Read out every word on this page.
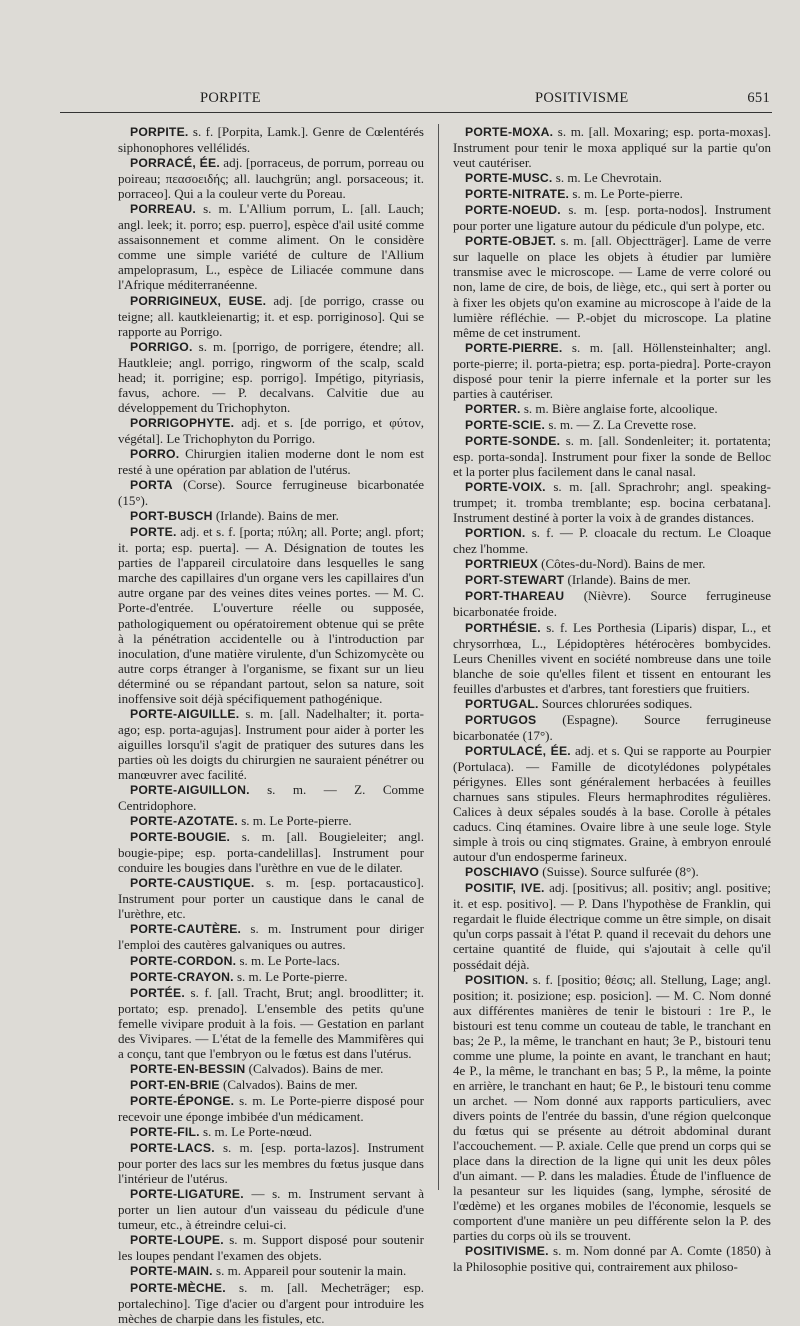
PORPITE	POSITIVISME	651

PORPITE. s. f. [Porpita, Lamk.]. Genre de Cœlentérés siphonophores vellélidés.

PORRACÉ, ÉE. adj. [porraceus, de porrum, porreau ou poireau; πεασοειδής; all. lauchgrün; angl. porsaceous; it. porraceo]. Qui a la couleur verte du Poreau.

PORREAU. s. m. L'Allium porrum, L. [all. Lauch; angl. leek; it. porro; esp. puerro], espèce d'ail usité comme assaisonnement et comme aliment. On le considère comme une simple variété de culture de l'Allium ampeloprasum, L., espèce de Liliacée commune dans l'Afrique méditerranéenne.

PORRIGINEUX, EUSE. adj. [de porrigo, crasse ou teigne; all. kautkleienartig; it. et esp. porriginoso]. Qui se rapporte au Porrigo.

PORRIGO. s. m. [porrigo, de porrigere, étendre; all. Hautkleie; angl. porrigo, ringworm of the scalp, scald head; it. porrigine; esp. porrigo]. Impétigo, pityriasis, favus, achore. — P. decalvans. Calvitie due au développement du Trichophyton.

PORRIGOPHYTE. adj. et s. [de porrigo, et φύτον, végétal]. Le Trichophyton du Porrigo.

PORRO. Chirurgien italien moderne dont le nom est resté à une opération par ablation de l'utérus.

PORTA (Corse). Source ferrugineuse bicarbonatée (15°).

PORT-BUSCH (Irlande). Bains de mer.

PORTE. adj. et s. f. [porta; πύλη; all. Porte; angl. pfort; it. porta; esp. puerta]. — A. Désignation de toutes les parties de l'appareil circulatoire dans lesquelles le sang marche des capillaires d'un organe vers les capillaires d'un autre organe par des veines dites veines portes. — M. C. Porte-d'entrée. L'ouverture réelle ou supposée, pathologiquement ou opératoirement obtenue qui se prête à la pénétration accidentelle ou à l'introduction par inoculation, d'une matière virulente, d'un Schizomycète ou autre corps étranger à l'organisme, se fixant sur un lieu déterminé ou se répandant partout, selon sa nature, soit inoffensive soit déjà spécifiquement pathogénique.

PORTE-AIGUILLE. s. m. [all. Nadelhalter; it. porta-ago; esp. porta-agujas]. Instrument pour aider à porter les aiguilles lorsqu'il s'agit de pratiquer des sutures dans les parties où les doigts du chirurgien ne sauraient pénétrer ou manœuvrer avec facilité.

PORTE-AIGUILLON. s. m. — Z. Comme Centridophore.

PORTE-AZOTATE. s. m. Le Porte-pierre.

PORTE-BOUGIE. s. m. [all. Bougieleiter; angl. bougie-pipe; esp. porta-candelillas]. Instrument pour conduire les bougies dans l'urèthre en vue de le dilater.

PORTE-CAUSTIQUE. s. m. [esp. portacaustico]. Instrument pour porter un caustique dans le canal de l'urèthre, etc.

PORTE-CAUTÈRE. s. m. Instrument pour diriger l'emploi des cautères galvaniques ou autres.

PORTE-CORDON. s. m. Le Porte-lacs.

PORTE-CRAYON. s. m. Le Porte-pierre.

PORTÉE. s. f. [all. Tracht, Brut; angl. broodlitter; it. portato; esp. prenado]. L'ensemble des petits qu'une femelle vivipare produit à la fois. — Gestation en parlant des Vivipares. — L'état de la femelle des Mammifères qui a conçu, tant que l'embryon ou le fœtus est dans l'utérus.

PORTE-EN-BESSIN (Calvados). Bains de mer.

PORT-EN-BRIE (Calvados). Bains de mer.

PORTE-ÉPONGE. s. m. Le Porte-pierre disposé pour recevoir une éponge imbibée d'un médicament.

PORTE-FIL. s. m. Le Porte-nœud.

PORTE-LACS. s. m. [esp. porta-lazos]. Instrument pour porter des lacs sur les membres du fœtus jusque dans l'intérieur de l'utérus.

PORTE-LIGATURE. — s. m. Instrument servant à porter un lien autour d'un vaisseau du pédicule d'une tumeur, etc., à étreindre celui-ci.

PORTE-LOUPE. s. m. Support disposé pour soutenir les loupes pendant l'examen des objets.

PORTE-MAIN. s. m. Appareil pour soutenir la main.

PORTE-MÈCHE. s. m. [all. Mecheträger; esp. portalechino]. Tige d'acier ou d'argent pour introduire les mèches de charpie dans les fistules, etc.

PORTE-MOXA. s. m. [all. Moxaring; esp. porta-moxas]. Instrument pour tenir le moxa appliqué sur la partie qu'on veut cautériser.

PORTE-MUSC. s. m. Le Chevrotain.

PORTE-NITRATE. s. m. Le Porte-pierre.

PORTE-NOEUD. s. m. [esp. porta-nodos]. Instrument pour porter une ligature autour du pédicule d'un polype, etc.

PORTE-OBJET. s. m. [all. Objectträger]. Lame de verre sur laquelle on place les objets à étudier par lumière transmise avec le microscope. — Lame de verre coloré ou non, lame de cire, de bois, de liège, etc., qui sert à porter ou à fixer les objets qu'on examine au microscope à l'aide de la lumière réfléchie. — P.-objet du microscope. La platine même de cet instrument.

PORTE-PIERRE. s. m. [all. Höllensteinhalter; angl. porte-pierre; il. porta-pietra; esp. porta-piedra]. Porte-crayon disposé pour tenir la pierre infernale et la porter sur les parties à cautériser.

PORTER. s. m. Bière anglaise forte, alcoolique.

PORTE-SCIE. s. m. — Z. La Crevette rose.

PORTE-SONDE. s. m. [all. Sondenleiter; it. portatenta; esp. porta-sonda]. Instrument pour fixer la sonde de Belloc et la porter plus facilement dans le canal nasal.

PORTE-VOIX. s. m. [all. Sprachrohr; angl. speaking-trumpet; it. tromba tremblante; esp. bocina cerbatana]. Instrument destiné à porter la voix à de grandes distances.

PORTION. s. f. — P. cloacale du rectum. Le Cloaque chez l'homme.

PORTRIEUX (Côtes-du-Nord). Bains de mer.

PORT-STEWART (Irlande). Bains de mer.

PORT-THAREAU (Nièvre). Source ferrugineuse bicarbonatée froide.

PORTHÉSIE. s. f. Les Porthesia (Liparis) dispar, L., et chrysorrhœa, L., Lépidoptères hétérocères bombycides. Leurs Chenilles vivent en société nombreuse dans une toile blanche de soie qu'elles filent et tissent en entourant les feuilles d'arbustes et d'arbres, tant forestiers que fruitiers.

PORTUGAL. Sources chlorurées sodiques.

PORTUGOS (Espagne). Source ferrugineuse bicarbonatée (17°).

PORTULACÉ, ÉE. adj. et s. Qui se rapporte au Pourpier (Portulaca). — Famille de dicotylédones polypétales périgynes. Elles sont généralement herbacées à feuilles charnues sans stipules. Fleurs hermaphrodites régulières. Calices à deux sépales soudés à la base. Corolle à pétales caducs. Cinq étamines. Ovaire libre à une seule loge. Style simple à trois ou cinq stigmates. Graine, à embryon enroulé autour d'un endosperme farineux.

POSCHIAVO (Suisse). Source sulfurée (8°).

POSITIF, IVE. adj. [positivus; all. positiv; angl. positive; it. et esp. positivo]. — P. Dans l'hypothèse de Franklin, qui regardait le fluide électrique comme un être simple, on disait qu'un corps passait à l'état P. quand il recevait du dehors une certaine quantité de fluide, qui s'ajoutait à celle qu'il possédait déjà.

POSITION. s. f. [positio; θέσις; all. Stellung, Lage; angl. position; it. posizione; esp. posicion]. — M. C. Nom donné aux différentes manières de tenir le bistouri : 1re P., le bistouri est tenu comme un couteau de table, le tranchant en bas; 2e P., la même, le tranchant en haut; 3e P., bistouri tenu comme une plume, la pointe en avant, le tranchant en haut; 4e P., la même, le tranchant en bas; 5 P., la même, la pointe en arrière, le tranchant en haut; 6e P., le bistouri tenu comme un archet. — Nom donné aux rapports particuliers, avec divers points de l'entrée du bassin, d'une région quelconque du fœtus qui se présente au détroit abdominal durant l'accouchement. — P. axiale. Celle que prend un corps qui se place dans la direction de la ligne qui unit les deux pôles d'un aimant. — P. dans les maladies. Étude de l'influence de la pesanteur sur les liquides (sang, lymphe, sérosité de l'œdème) et les organes mobiles de l'économie, lesquels se comportent d'une manière un peu différente selon la P. des parties du corps où ils se trouvent.

POSITIVISME. s. m. Nom donné par A. Comte (1850) à la Philosophie positive qui, contrairement aux philoso-
